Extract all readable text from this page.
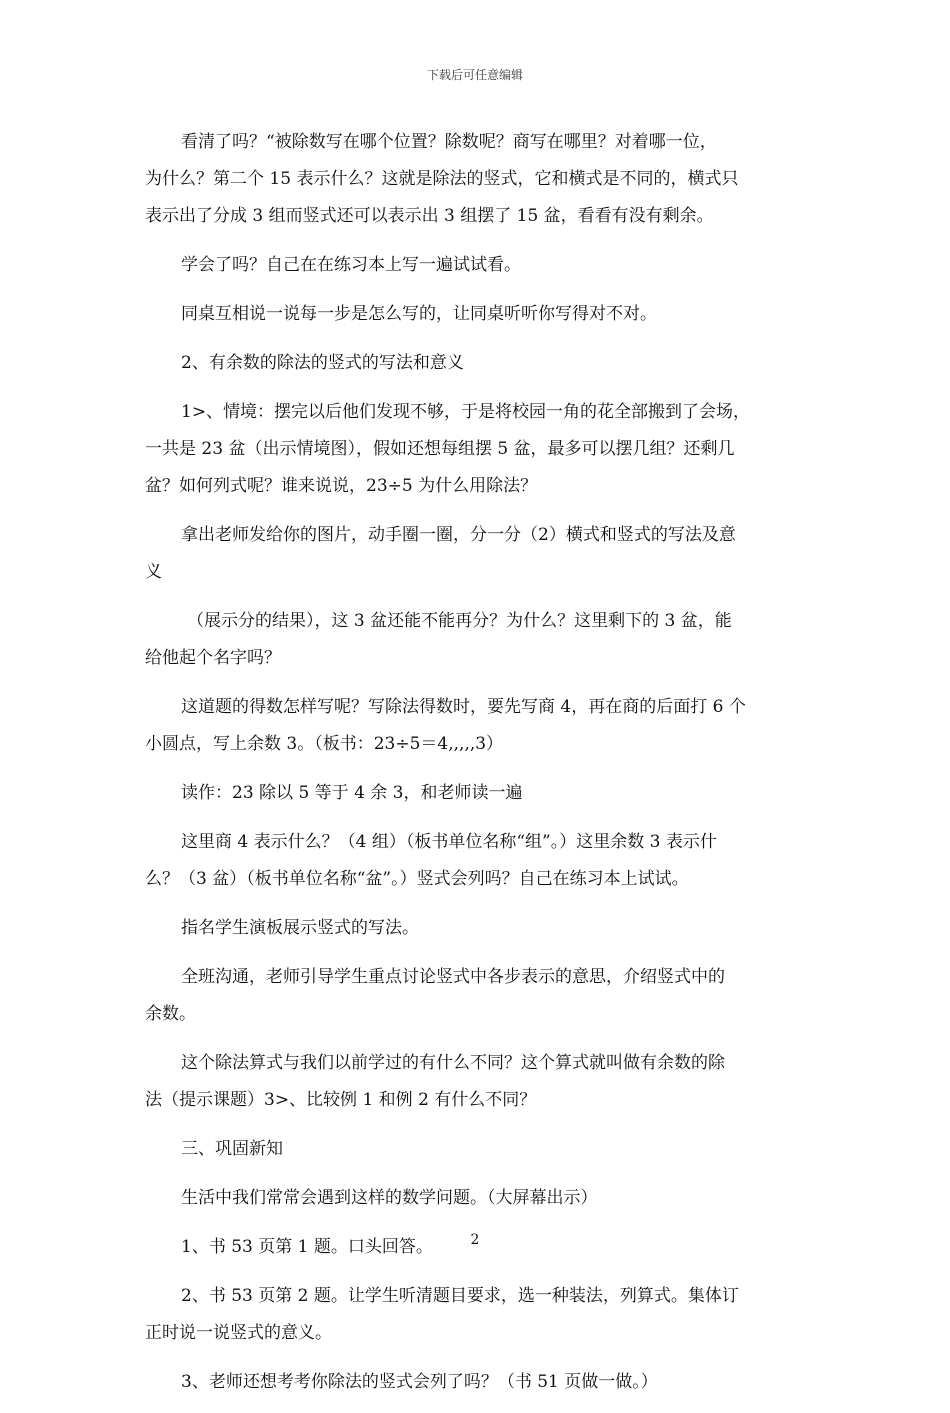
下载后可任意编辑

看清了吗？“被除数写在哪个位置？除数呢？商写在哪里？对着哪一位，
为什么？第二个 15 表示什么？这就是除法的竖式，它和横式是不同的，横式只
表示出了分成 3 组而竖式还可以表示出 3 组摆了 15 盆，看看有没有剩余。

学会了吗？自己在在练习本上写一遍试试看。

同桌互相说一说每一步是怎么写的，让同桌听听你写得对不对。

2、有余数的除法的竖式的写法和意义

1>、情境：摆完以后他们发现不够，于是将校园一角的花全部搬到了会场，
一共是 23 盆（出示情境图），假如还想每组摆 5 盆，最多可以摆几组？还剩几
盆？如何列式呢？谁来说说，23÷5 为什么用除法？

拿出老师发给你的图片，动手圈一圈，分一分（2）横式和竖式的写法及意
义

（展示分的结果），这 3 盆还能不能再分？为什么？这里剩下的 3 盆，能
给他起个名字吗？

这道题的得数怎样写呢？写除法得数时，要先写商 4，再在商的后面打 6 个
小圆点，写上余数 3。（板书：23÷5＝4,,,,,3）

读作：23 除以 5 等于 4 余 3，和老师读一遍

这里商 4 表示什么？（4 组）（板书单位名称“组”。）这里余数 3 表示什
么？（3 盆）（板书单位名称“盆”。）竖式会列吗？自己在练习本上试试。

指名学生演板展示竖式的写法。

全班沟通，老师引导学生重点讨论竖式中各步表示的意思，介绍竖式中的
余数。

这个除法算式与我们以前学过的有什么不同？这个算式就叫做有余数的除
法（提示课题）3>、比较例 1 和例 2 有什么不同？

三、巩固新知

生活中我们常常会遇到这样的数学问题。（大屏幕出示）

1、书 53 页第 1 题。口头回答。

2、书 53 页第 2 题。让学生听清题目要求，选一种装法，列算式。集体订
正时说一说竖式的意义。

3、老师还想考考你除法的竖式会列了吗？（书 51 页做一做。）

2
